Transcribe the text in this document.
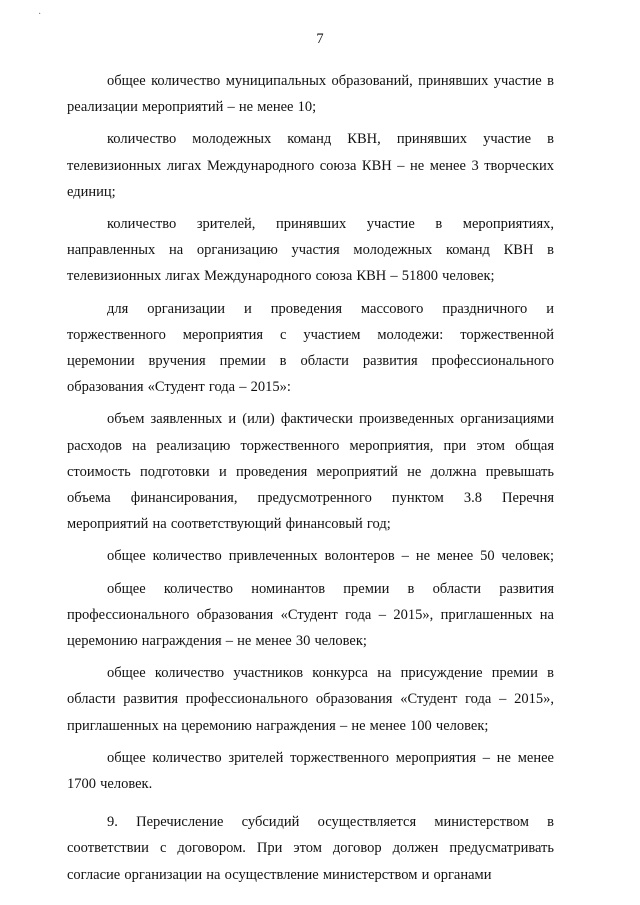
·
7

общее количество муниципальных образований, принявших участие в реализации мероприятий – не менее 10;

количество молодежных команд КВН, принявших участие в телевизионных лигах Международного союза КВН – не менее 3 творческих единиц;

количество зрителей, принявших участие в мероприятиях, направленных на организацию участия молодежных команд КВН в телевизионных лигах Международного союза КВН – 51800 человек;

для организации и проведения массового праздничного и торжественного мероприятия с участием молодежи: торжественной церемонии вручения премии в области развития профессионального образования «Студент года – 2015»:

объем заявленных и (или) фактически произведенных организациями расходов на реализацию торжественного мероприятия, при этом общая стоимость подготовки и проведения мероприятий не должна превышать объема финансирования, предусмотренного пунктом 3.8 Перечня мероприятий на соответствующий финансовый год;

общее количество привлеченных волонтеров – не менее 50 человек;

общее количество номинантов премии в области развития профессионального образования «Студент года – 2015», приглашенных на церемонию награждения – не менее 30 человек;

общее количество участников конкурса на присуждение премии в области развития профессионального образования «Студент года – 2015», приглашенных на церемонию награждения – не менее 100 человек;

общее количество зрителей торжественного мероприятия – не менее 1700 человек.

9. Перечисление субсидий осуществляется министерством в соответствии с договором. При этом договор должен предусматривать согласие организации на осуществление министерством и органами
